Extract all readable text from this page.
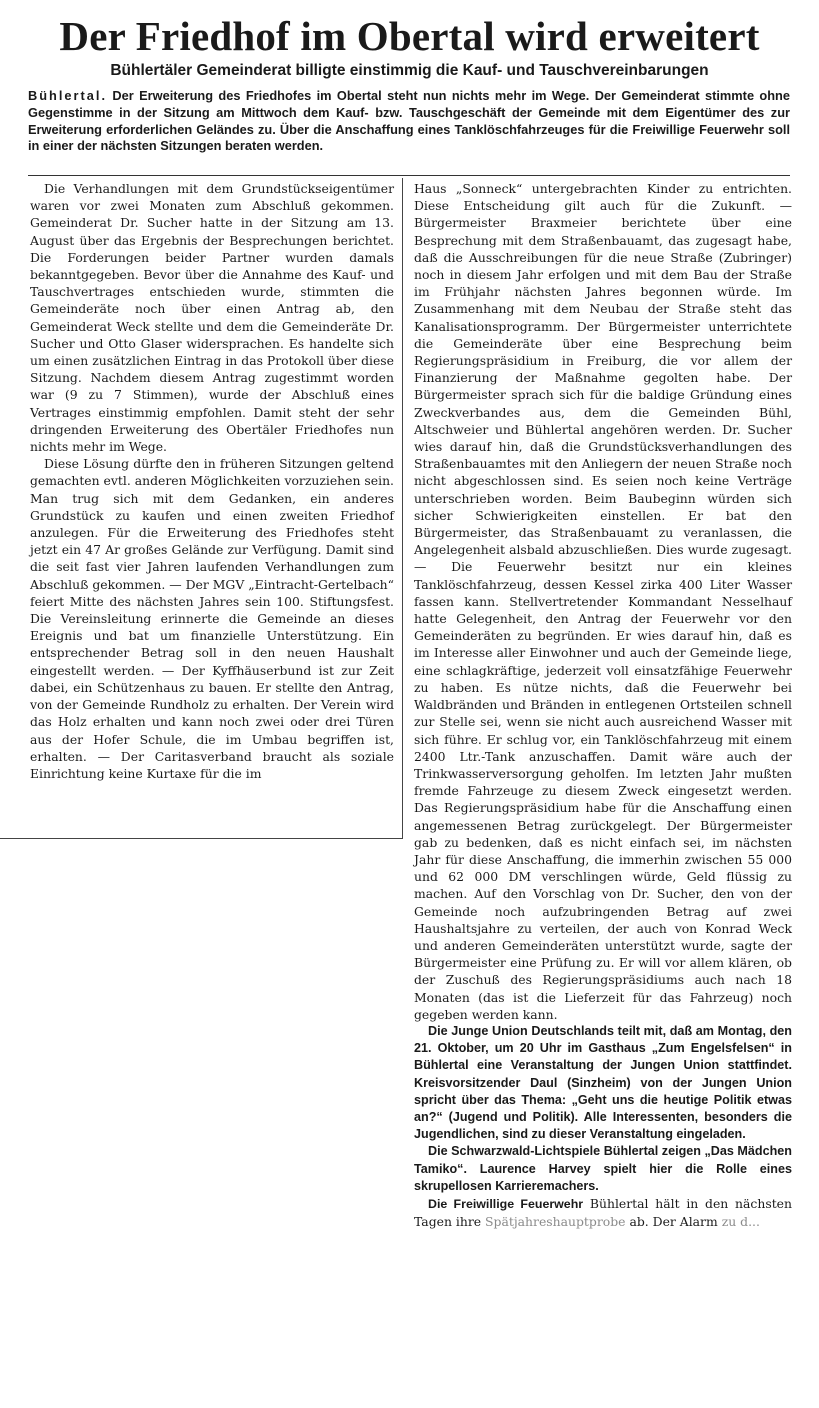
Der Friedhof im Obertal wird erweitert
Bühlertäler Gemeinderat billigte einstimmig die Kauf- und Tauschvereinbarungen

Bühlertal. Der Erweiterung des Friedhofes im Obertal steht nun nichts mehr im Wege. Der Gemeinderat stimmte ohne Gegenstimme in der Sitzung am Mittwoch dem Kauf- bzw. Tauschgeschäft der Gemeinde mit dem Eigentümer des zur Erweiterung erforderlichen Geländes zu. Über die Anschaffung eines Tanklöschfahrzeuges für die Freiwillige Feuerwehr soll in einer der nächsten Sitzungen beraten werden.

Die Verhandlungen mit dem Grundstückseigentümer waren vor zwei Monaten zum Abschluß gekommen. Gemeinderat Dr. Sucher hatte in der Sitzung am 13. August über das Ergebnis der Besprechungen berichtet. Die Forderungen beider Partner wurden damals bekanntgegeben. Bevor über die Annahme des Kauf- und Tauschvertrages entschieden wurde, stimmten die Gemeinderäte noch über einen Antrag ab, den Gemeinderat Weck stellte und dem die Gemeinderäte Dr. Sucher und Otto Glaser widersprachen. Es handelte sich um einen zusätzlichen Eintrag in das Protokoll über diese Sitzung. Nachdem diesem Antrag zugestimmt worden war (9 zu 7 Stimmen), wurde der Abschluß eines Vertrages einstimmig empfohlen. Damit steht der sehr dringenden Erweiterung des Obertäler Friedhofes nun nichts mehr im Wege.

Diese Lösung dürfte den in früheren Sitzungen geltend gemachten evtl. anderen Möglichkeiten vorzuziehen sein. Man trug sich mit dem Gedanken, ein anderes Grundstück zu kaufen und einen zweiten Friedhof anzulegen. Für die Erweiterung des Friedhofes steht jetzt ein 47 Ar großes Gelände zur Verfügung. Damit sind die seit fast vier Jahren laufenden Verhandlungen zum Abschluß gekommen. — Der MGV „Eintracht-Gertelbach“ feiert Mitte des nächsten Jahres sein 100. Stiftungsfest. Die Vereinsleitung erinnerte die Gemeinde an dieses Ereignis und bat um finanzielle Unterstützung. Ein entsprechender Betrag soll in den neuen Haushalt eingestellt werden. — Der Kyffhäuserbund ist zur Zeit dabei, ein Schützenhaus zu bauen. Er stellte den Antrag, von der Gemeinde Rundholz zu erhalten. Der Verein wird das Holz erhalten und kann noch zwei oder drei Türen aus der Hofer Schule, die im Umbau begriffen ist, erhalten. — Der Caritasverband braucht als soziale Einrichtung keine Kurtaxe für die im

Haus „Sonneck“ untergebrachten Kinder zu entrichten. Diese Entscheidung gilt auch für die Zukunft. — Bürgermeister Braxmeier berichtete über eine Besprechung mit dem Straßenbauamt, das zugesagt habe, daß die Ausschreibungen für die neue Straße (Zubringer) noch in diesem Jahr erfolgen und mit dem Bau der Straße im Frühjahr nächsten Jahres begonnen würde. Im Zusammenhang mit dem Neubau der Straße steht das Kanalisationsprogramm. Der Bürgermeister unterrichtete die Gemeinderäte über eine Besprechung beim Regierungspräsidium in Freiburg, die vor allem der Finanzierung der Maßnahme gegolten habe. Der Bürgermeister sprach sich für die baldige Gründung eines Zweckverbandes aus, dem die Gemeinden Bühl, Altschweier und Bühlertal angehören werden. Dr. Sucher wies darauf hin, daß die Grundstücksverhandlungen des Straßenbauamtes mit den Anliegern der neuen Straße noch nicht abgeschlossen sind. Es seien noch keine Verträge unterschrieben worden. Beim Baubeginn würden sich sicher Schwierigkeiten einstellen. Er bat den Bürgermeister, das Straßenbauamt zu veranlassen, die Angelegenheit alsbald abzuschließen. Dies wurde zugesagt. — Die Feuerwehr besitzt nur ein kleines Tanklöschfahrzeug, dessen Kessel zirka 400 Liter Wasser fassen kann. Stellvertretender Kommandant Nesselhauf hatte Gelegenheit, den Antrag der Feuerwehr vor den Gemeinderäten zu begründen. Er wies darauf hin, daß es im Interesse aller Einwohner und auch der Gemeinde liege, eine schlagkräftige, jederzeit voll einsatzfähige Feuerwehr zu haben. Es nütze nichts, daß die Feuerwehr bei Waldbränden und Bränden in entlegenen Ortsteilen schnell zur Stelle sei, wenn sie nicht auch ausreichend Wasser mit sich führe. Er schlug vor, ein Tanklöschfahrzeug mit einem 2400 Ltr.-Tank anzuschaffen. Damit wäre auch der Trinkwasserversorgung geholfen. Im letzten Jahr mußten fremde Fahrzeuge zu diesem Zweck eingesetzt werden. Das Regierungspräsidium habe für die Anschaffung einen angemessenen Betrag zurückgelegt. Der Bürgermeister gab zu bedenken, daß es nicht einfach sei, im nächsten Jahr für diese Anschaffung, die immerhin zwischen 55 000 und 62 000 DM verschlingen würde, Geld flüssig zu machen. Auf den Vorschlag von Dr. Sucher, den von der Gemeinde noch aufzubringenden Betrag auf zwei Haushaltsjahre zu verteilen, der auch von Konrad Weck und anderen Gemeinderäten unterstützt wurde, sagte der Bürgermeister eine Prüfung zu. Er will vor allem klären, ob der Zuschuß des Regierungspräsidiums auch nach 18 Monaten (das ist die Lieferzeit für das Fahrzeug) noch gegeben werden kann.

Die Junge Union Deutschlands teilt mit, daß am Montag, den 21. Oktober, um 20 Uhr im Gasthaus „Zum Engelsfelsen“ in Bühlertal eine Veranstaltung der Jungen Union stattfindet. Kreisvorsitzender Daul (Sinzheim) von der Jungen Union spricht über das Thema: „Geht uns die heutige Politik etwas an?“ (Jugend und Politik). Alle Interessenten, besonders die Jugendlichen, sind zu dieser Veranstaltung eingeladen.

Die Schwarzwald-Lichtspiele Bühlertal zeigen „Das Mädchen Tamiko“. Laurence Harvey spielt hier die Rolle eines skrupellosen Karrieremachers.

Die Freiwillige Feuerwehr Bühlertal hält in den nächsten Tagen ihre Spätjahreshauptprobe ab. Der Alarm zu d...
